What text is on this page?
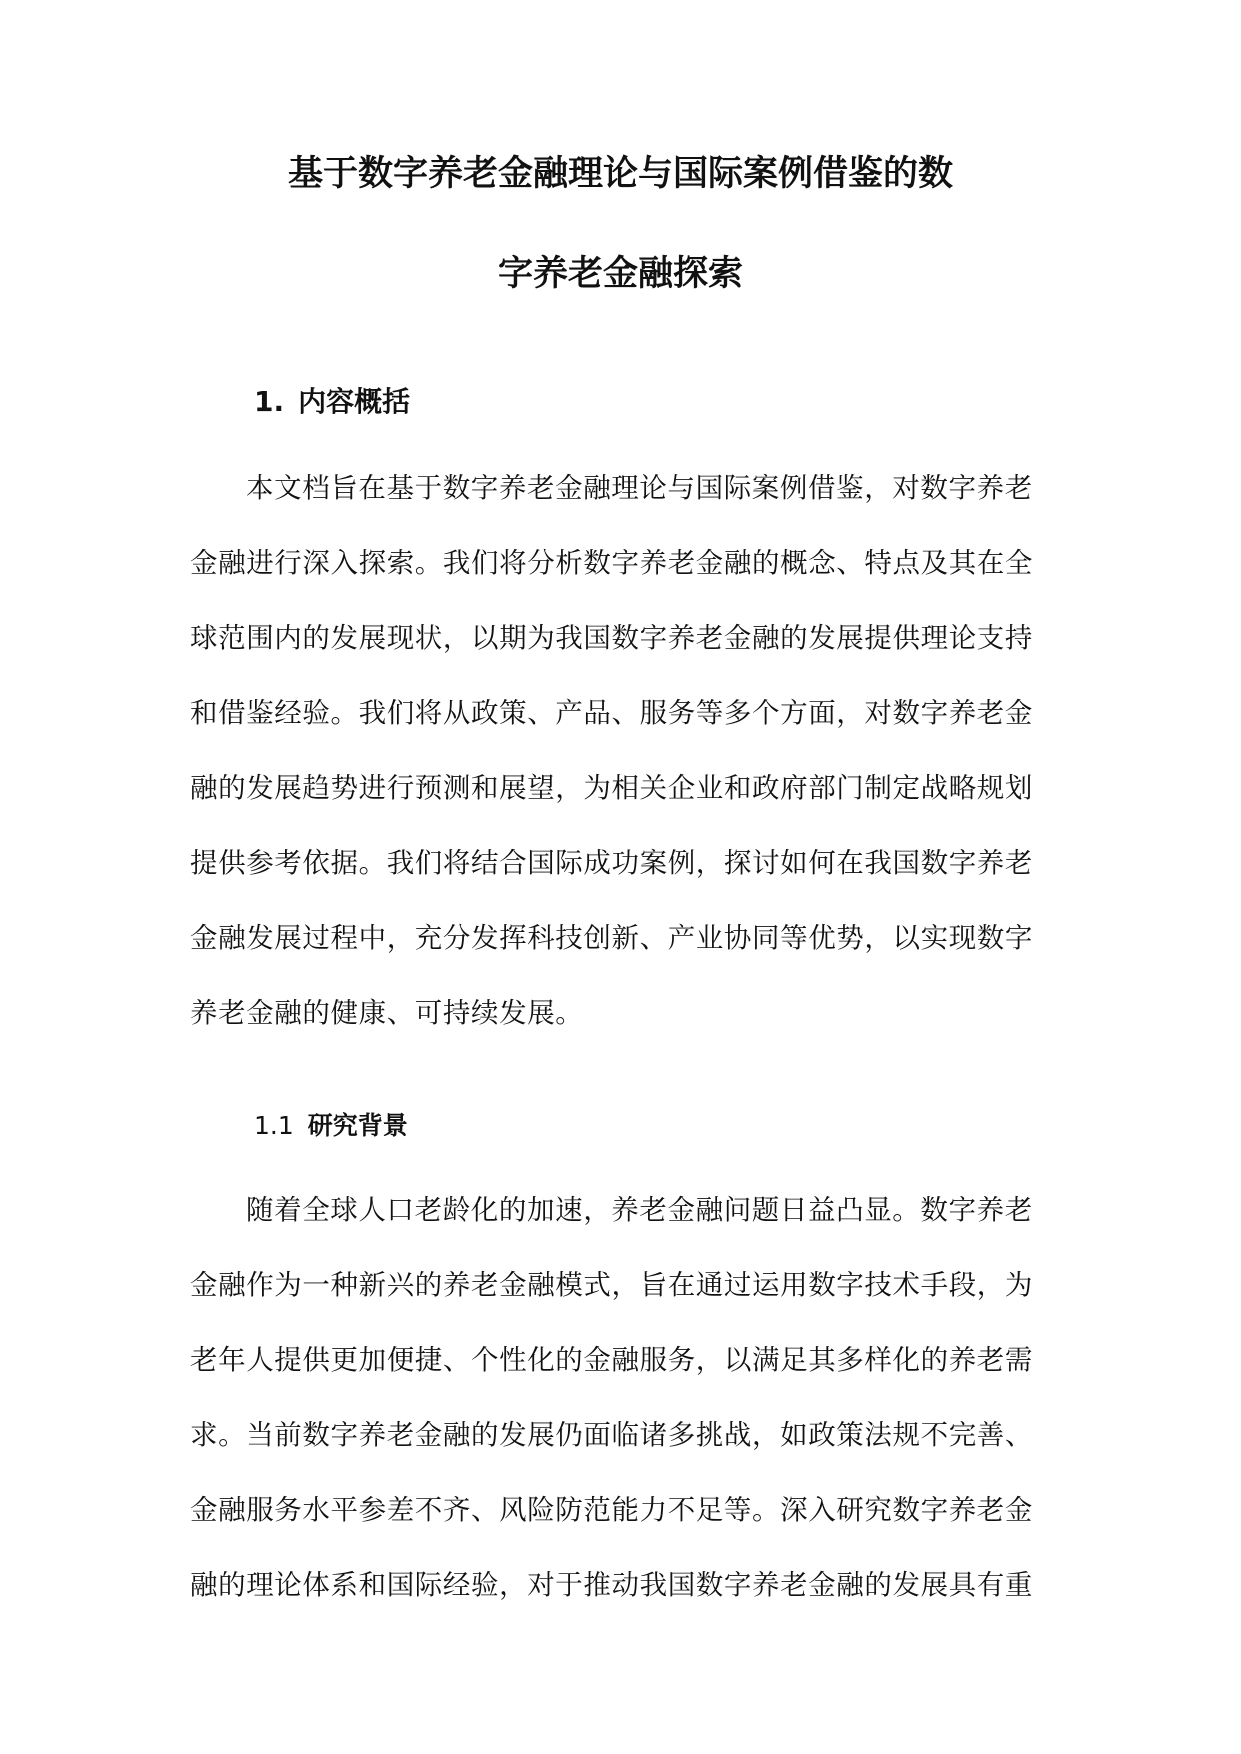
基于数字养老金融理论与国际案例借鉴的数
字养老金融探索
1. 内容概括
本文档旨在基于数字养老金融理论与国际案例借鉴，对数字养老
金融进行深入探索。我们将分析数字养老金融的概念、特点及其在全
球范围内的发展现状，以期为我国数字养老金融的发展提供理论支持
和借鉴经验。我们将从政策、产品、服务等多个方面，对数字养老金
融的发展趋势进行预测和展望，为相关企业和政府部门制定战略规划
提供参考依据。我们将结合国际成功案例，探讨如何在我国数字养老
金融发展过程中，充分发挥科技创新、产业协同等优势，以实现数字
养老金融的健康、可持续发展。
1.1 研究背景
随着全球人口老龄化的加速，养老金融问题日益凸显。数字养老
金融作为一种新兴的养老金融模式，旨在通过运用数字技术手段，为
老年人提供更加便捷、个性化的金融服务，以满足其多样化的养老需
求。当前数字养老金融的发展仍面临诸多挑战，如政策法规不完善、
金融服务水平参差不齐、风险防范能力不足等。深入研究数字养老金
融的理论体系和国际经验，对于推动我国数字养老金融的发展具有重
